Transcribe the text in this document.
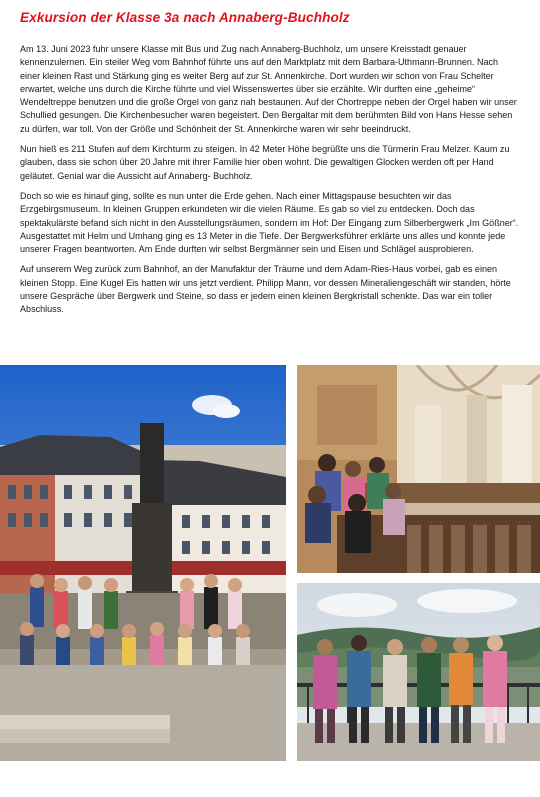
Exkursion der Klasse 3a nach Annaberg-Buchholz

Am 13. Juni 2023 fuhr unsere Klasse mit Bus und Zug nach Annaberg-Buchholz, um unsere Kreisstadt genauer kennenzulernen. Ein steiler Weg vom Bahnhof führte uns auf den Marktplatz mit dem Barbara-Uthmann-Brunnen. Nach einer kleinen Rast und Stärkung ging es weiter Berg auf zur St. Annenkirche. Dort wurden wir schon von Frau Schelter erwartet, welche uns durch die Kirche führte und viel Wissenswertes über sie erzählte. Wir durften eine „geheime“ Wendeltreppe benutzen und die große Orgel von ganz nah bestaunen. Auf der Chortreppe neben der Orgel haben wir unser Schullied gesungen. Die Kirchenbesucher waren begeistert. Den Bergaltar mit dem berühmten Bild von Hans Hesse sehen zu dürfen, war toll. Von der Größe und Schönheit der St. Annenkirche waren wir sehr beeindruckt.

Nun hieß es 211 Stufen auf dem Kirchturm zu steigen. In 42 Meter Höhe begrüßte uns die Türmerin Frau Melzer. Kaum zu glauben, dass sie schon über 20 Jahre mit ihrer Familie hier oben wohnt. Die gewaltigen Glocken werden oft per Hand geläutet. Genial war die Aussicht auf Annaberg- Buchholz.

Doch so wie es hinauf ging, sollte es nun unter die Erde gehen. Nach einer Mittagspause besuchten wir das Erzgebirgsmuseum. In kleinen Gruppen erkundeten wir die vielen Räume. Es gab so viel zu entdecken. Doch das spektakulärste befand sich nicht in den Ausstellungsräumen, sondern im Hof: Der Eingang zum Silberbergwerk „Im Gößner“. Ausgestattet mit Helm und Umhang ging es 13 Meter in die Tiefe. Der Bergwerksführer erklärte uns alles und konnte jede unserer Fragen beantworten. Am Ende durften wir selbst Bergmänner sein und Eisen und Schlägel ausprobieren.

Auf unserem Weg zurück zum Bahnhof, an der Manufaktur der Träume und dem Adam-Ries-Haus vorbei, gab es einen kleinen Stopp. Eine Kugel Eis hatten wir uns jetzt verdient. Philipp Mann, vor dessen Mineraliengeschäft wir standen, hörte unsere Gespräche über Bergwerk und Steine, so dass er jedem einen kleinen Bergkristall schenkte. Das war ein toller Abschluss.
